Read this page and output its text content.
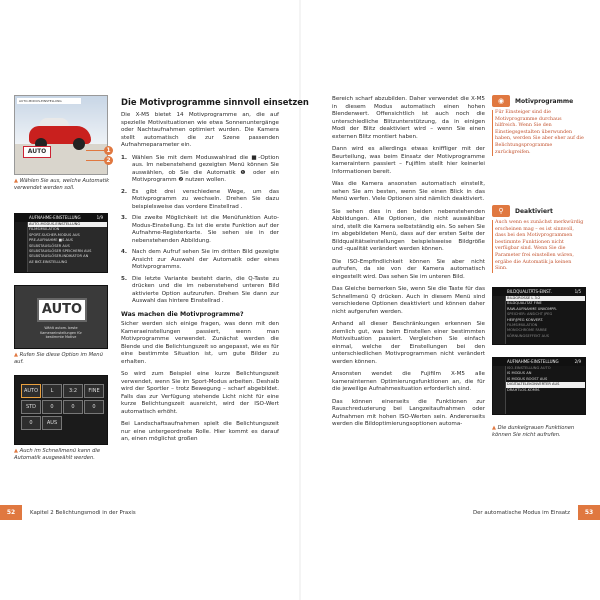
AUTO-MODUS-EINSTELLUNG
AUTO	1
2
▲ Wählen Sie aus, welche Automatik verwendet werden soll.
AUFNAHME-EINSTELLUNG	1/9
AUTO-MODUS-EINSTELLUNG
FILMSIMULATION
SPORT-SUCHER-MODUS AUS
PRE-AUFNAHME ■S AUS
SELBSTAUSLÖSER AUS
SELBSTAUSLÖSER SPEICHERN AUS
SELBSTAUSLÖSER-INDIKATOR AN
AE BKT-EINSTELLUNG
AUTO
Wählt autom. beste Kameraeinstellungen für bestimmte Motive
▲ Rufen Sie diese Option im Menü auf.
AUTO	L	3:2	FINE
STD	0	0	0
0	AUS
▲ Auch im Schnellmenü kann die Automatik ausgewählt werden.
Die Motivprogramme sinnvoll einsetzen

Die X-M5 bietet 14 Motivprogramme an, die auf spezielle Motivsituationen wie etwa Sonnenuntergänge oder Nachtaufnahmen optimiert wurden. Die Kamera stellt automatisch die zur Szene passenden Aufnahmeparameter ein.

1. Wählen Sie mit dem Moduswahlrad die ■-Option aus. Im nebenstehend gezeigten Menü können Sie auswählen, ob Sie die Automatik ❶ oder ein Motivprogramm ❷ nutzen wollen.
2. Es gibt drei verschiedene Wege, um das Motivprogramm zu wechseln. Drehen Sie dazu beispielsweise das vordere Einstellrad .
3. Die zweite Möglichkeit ist die Menüfunktion Auto-Modus-Einstellung. Es ist die erste Funktion auf der Aufnahme-Registerkarte. Sie sehen sie in der nebenstehenden Abbildung.
4. Nach dem Aufruf sehen Sie im dritten Bild gezeigte Ansicht zur Auswahl der Automatik oder eines Motivprogramms.
5. Die letzte Variante besteht darin, die Q-Taste zu drücken und die im nebenstehend unteren Bild aktivierte Option aufzurufen. Drehen Sie dann zur Auswahl das hintere Einstellrad .
Was machen die Motivprogramme?

Sicher werden sich einige fragen, was denn mit den Kameraeinstellungen passiert, wenn man Motivprogramme verwendet. Zunächst werden die Blende und die Belichtungszeit so angepasst, wie es für eine bestimmte Situation ist, um gute Bilder zu erhalten.

So wird zum Beispiel eine kurze Belichtungszeit verwendet, wenn Sie im Sport-Modus arbeiten. Deshalb wird der Sportler – trotz Bewegung – scharf abgebildet. Falls das zur Verfügung stehende Licht nicht für eine kurze Belichtungszeit ausreicht, wird der ISO-Wert automatisch erhöht.

Bei Landschaftsaufnahmen spielt die Belichtungszeit nur eine untergeordnete Rolle. Hier kommt es darauf an, einen möglichst großen

52	Kapitel 2 Belichtungsmodi in der Praxis

Bereich scharf abzubilden. Daher verwendet die X-M5 in diesem Modus automatisch einen hohen Blendenwert. Offensichtlich ist auch noch die unterschiedliche Blitzunterstützung, da in einigen Modi der Blitz deaktiviert wird – wenn Sie einen externen Blitz montiert haben.

Dann wird es allerdings etwas kniffliger mit der Beurteilung, was beim Einsatz der Motivprogramme kameraintern passiert – Fujifilm stellt hier keinerlei Informationen bereit.

Was die Kamera ansonsten automatisch einstellt, sehen Sie am besten, wenn Sie einen Blick in das Menü werfen. Viele Optionen sind nämlich deaktiviert.

Sie sehen dies in den beiden nebenstehenden Abbildungen. Alle Optionen, die nicht auswählbar sind, stellt die Kamera selbstständig ein. So sehen Sie im abgebildeten Menü, dass auf der ersten Seite der Bildqualitätseinstellungen beispielsweise Bildgröße und -qualität verändert werden können.

Die ISO-Empfindlichkeit können Sie aber nicht aufrufen, da sie von der Kamera automatisch eingestellt wird. Das sehen Sie im unteren Bild.

Das Gleiche bemerken Sie, wenn Sie die Taste für das Schnellmenü Q drücken. Auch in diesem Menü sind verschiedene Optionen deaktiviert und können daher nicht aufgerufen werden.

Anhand all dieser Beschränkungen erkennen Sie ziemlich gut, was beim Einstellen einer bestimmten Motivsituation passiert. Vergleichen Sie einfach einmal, welche der Einstellungen bei den unterschiedlichen Motivprogrammen nicht verändert werden können.

Ansonsten wendet die Fujifilm X-M5 alle kamerainternen Optimierungsfunktionen an, die für die jeweilige Aufnahmesituation erforderlich sind.

Das können einerseits die Funktionen zur Rauschreduzierung bei Langzeitaufnahmen oder Aufnahmen mit hohen ISO-Werten sein. Andererseits werden die Bildoptimierungsoptionen automa-

◉	Motivprogramme
Für Einsteiger sind die Motivprogramme durchaus hilfreich. Wenn Sie den Einstiegsgestalten überwunden haben, werden Sie aber eher auf die Belichtungsprogramme zurückgreifen.
⚲	Deaktiviert
Auch wenn es zunächst merkwürdig erscheinen mag – es ist sinnvoll, dass bei den Motivprogrammen bestimmte Funktionen nicht verfügbar sind. Wenn Sie die Parameter frei einstellen wären, ergäbe die Automatik ja keinen Sinn.
BILDQUALITÄTS-EINST.	1/5
BILDGRÖSSE L 3:2
BILDQUALITÄT FINE
RAW-AUFNAHME UNKOMPR.
SPEICHER: ANSICHT JPEG
HEIF/JPEG KONVERT.
FILMSIMULATION
MONOCHROME FARBE
KÖRNUNGSEFFEKT AUS
AUFNAHME-EINSTELLUNG	2/9
ISO-EINSTELLUNG AUTO
IS MODUS AN
IS MODUS BOOST AUS
DIGITALTELEKONVERTER AUS
DRAHTLOS-KOMM.
▲ Die dunkelgrauen Funktionen können Sie nicht aufrufen.
Der automatische Modus im Einsatz	53
